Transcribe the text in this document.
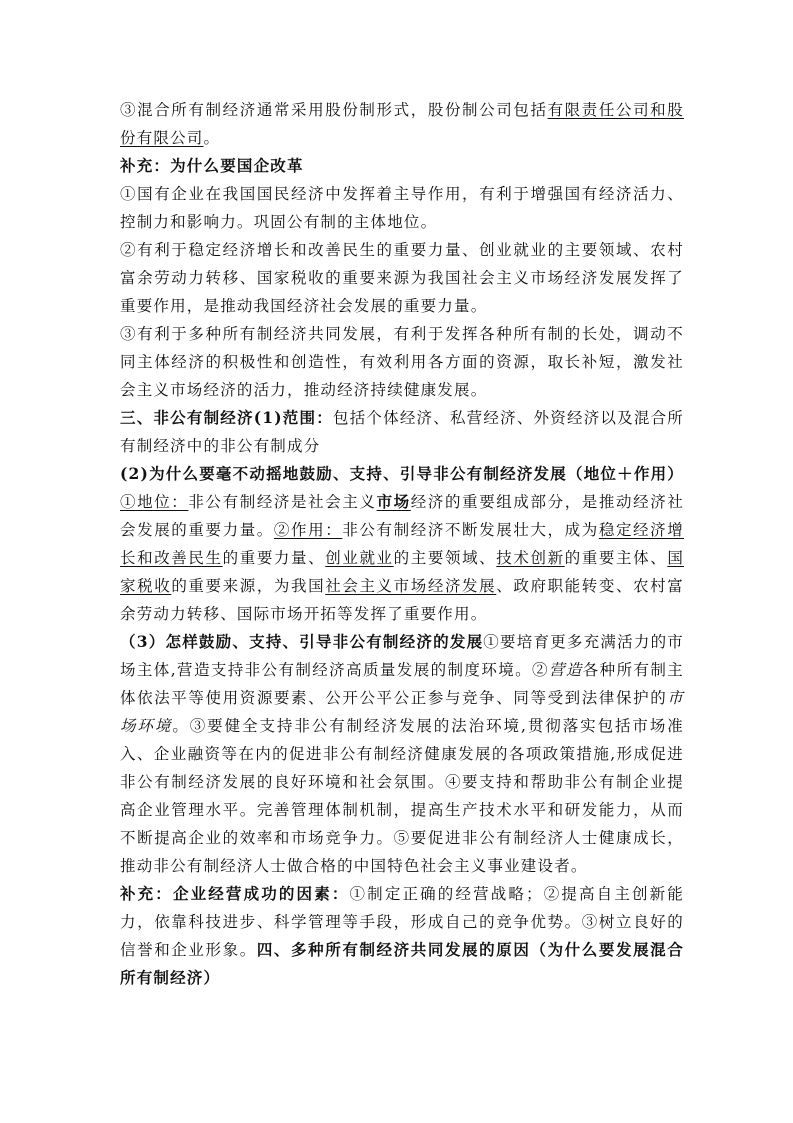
③混合所有制经济通常采用股份制形式，股份制公司包括有限责任公司和股份有限公司。

补充：为什么要国企改革

①国有企业在我国国民经济中发挥着主导作用，有利于增强国有经济活力、控制力和影响力。巩固公有制的主体地位。

②有利于稳定经济增长和改善民生的重要力量、创业就业的主要领域、农村富余劳动力转移、国家税收的重要来源为我国社会主义市场经济发展发挥了重要作用，是推动我国经济社会发展的重要力量。

③有利于多种所有制经济共同发展，有利于发挥各种所有制的长处，调动不同主体经济的积极性和创造性，有效利用各方面的资源，取长补短，激发社会主义市场经济的活力，推动经济持续健康发展。

三、非公有制经济(1)范围：包括个体经济、私营经济、外资经济以及混合所有制经济中的非公有制成分

(2)为什么要毫不动摇地鼓励、支持、引导非公有制经济发展（地位＋作用）①地位：非公有制经济是社会主义市场经济的重要组成部分，是推动经济社会发展的重要力量。②作用：非公有制经济不断发展壮大，成为稳定经济增长和改善民生的重要力量、创业就业的主要领域、技术创新的重要主体、国家税收的重要来源，为我国社会主义市场经济发展、政府职能转变、农村富余劳动力转移、国际市场开拓等发挥了重要作用。

（3）怎样鼓励、支持、引导非公有制经济的发展①要培育更多充满活力的市场主体,营造支持非公有制经济高质量发展的制度环境。②营造各种所有制主体依法平等使用资源要素、公开公平公正参与竞争、同等受到法律保护的市场环境。③要健全支持非公有制经济发展的法治环境,贯彻落实包括市场准入、企业融资等在内的促进非公有制经济健康发展的各项政策措施,形成促进非公有制经济发展的良好环境和社会氛围。④要支持和帮助非公有制企业提高企业管理水平。完善管理体制机制，提高生产技术水平和研发能力，从而不断提高企业的效率和市场竞争力。⑤要促进非公有制经济人士健康成长，推动非公有制经济人士做合格的中国特色社会主义事业建设者。

补充：企业经营成功的因素：①制定正确的经营战略；②提高自主创新能力，依靠科技进步、科学管理等手段，形成自己的竞争优势。③树立良好的信誉和企业形象。四、多种所有制经济共同发展的原因（为什么要发展混合所有制经济）
